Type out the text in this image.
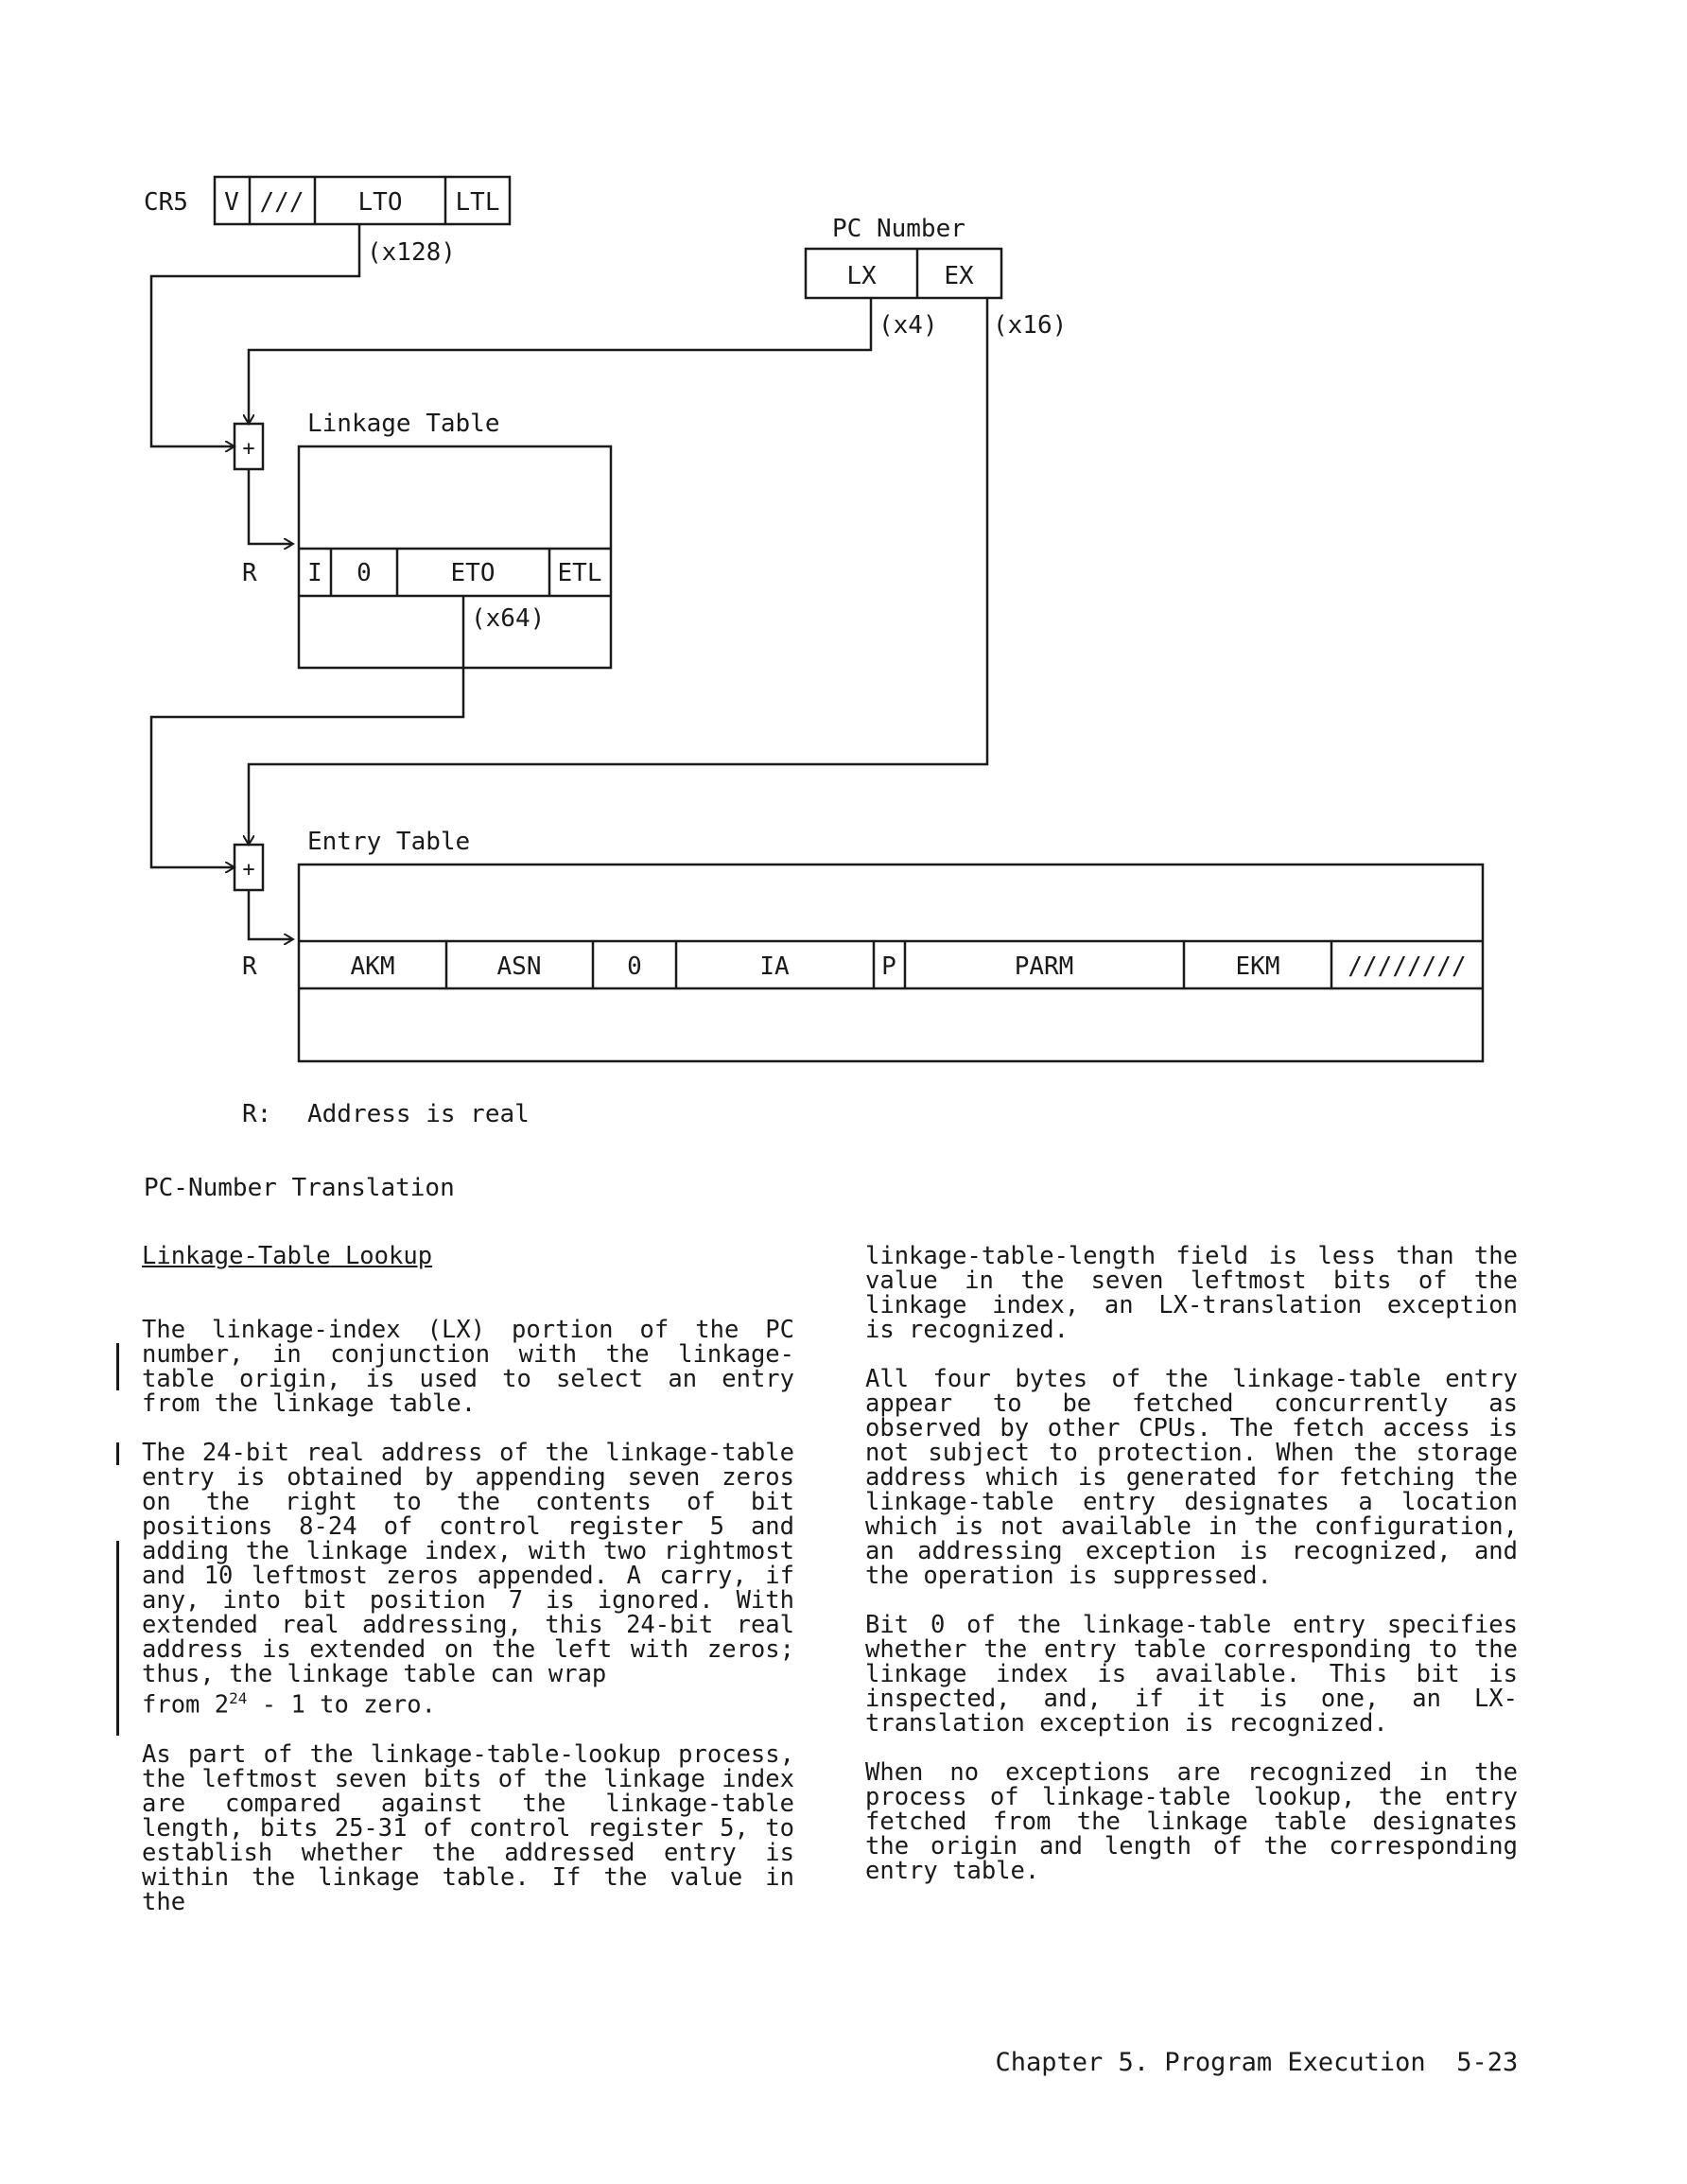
CR5 V /// LTO LTL
(x128)
PC Number
LX	EX
(x4) (x16)
+
+
Linkage Table
R I 0	ETO	ETL
(x64)
Entry Table
R	AKM	ASN	0	IA	P	PARM	EKM	////////
R: Address is real
PC-Number Translation
Linkage-Table Lookup

The linkage-index (LX) portion of the PC number, in conjunction with the linkage-table origin, is used to select an entry from the linkage table.

The 24-bit real address of the linkage-table entry is obtained by appending seven zeros on the right to the contents of bit positions 8-24 of control register 5 and adding the linkage index, with two rightmost and 10 leftmost zeros appended. A carry, if any, into bit position 7 is ignored. With extended real addressing, this 24-bit real address is extended on the left with zeros; thus, the linkage table can wrap

from $2^{24} - 1$ to zero.

As part of the linkage-table-lookup process, the leftmost seven bits of the linkage index are compared against the linkage-table length, bits 25-31 of control register 5, to establish whether the addressed entry is within the linkage table. If the value in the

linkage-table-length field is less than the value in the seven leftmost bits of the linkage index, an LX-translation exception is recognized.

All four bytes of the linkage-table entry appear to be fetched concurrently as observed by other CPUs. The fetch access is not subject to protection. When the storage address which is generated for fetching the linkage-table entry designates a location which is not available in the configuration, an addressing exception is recognized, and the operation is suppressed.

Bit 0 of the linkage-table entry specifies whether the entry table corresponding to the linkage index is available. This bit is inspected, and, if it is one, an LX-translation exception is recognized.

When no exceptions are recognized in the process of linkage-table lookup, the entry fetched from the linkage table designates the origin and length of the corresponding entry table.

Chapter 5. Program Execution 5-23
